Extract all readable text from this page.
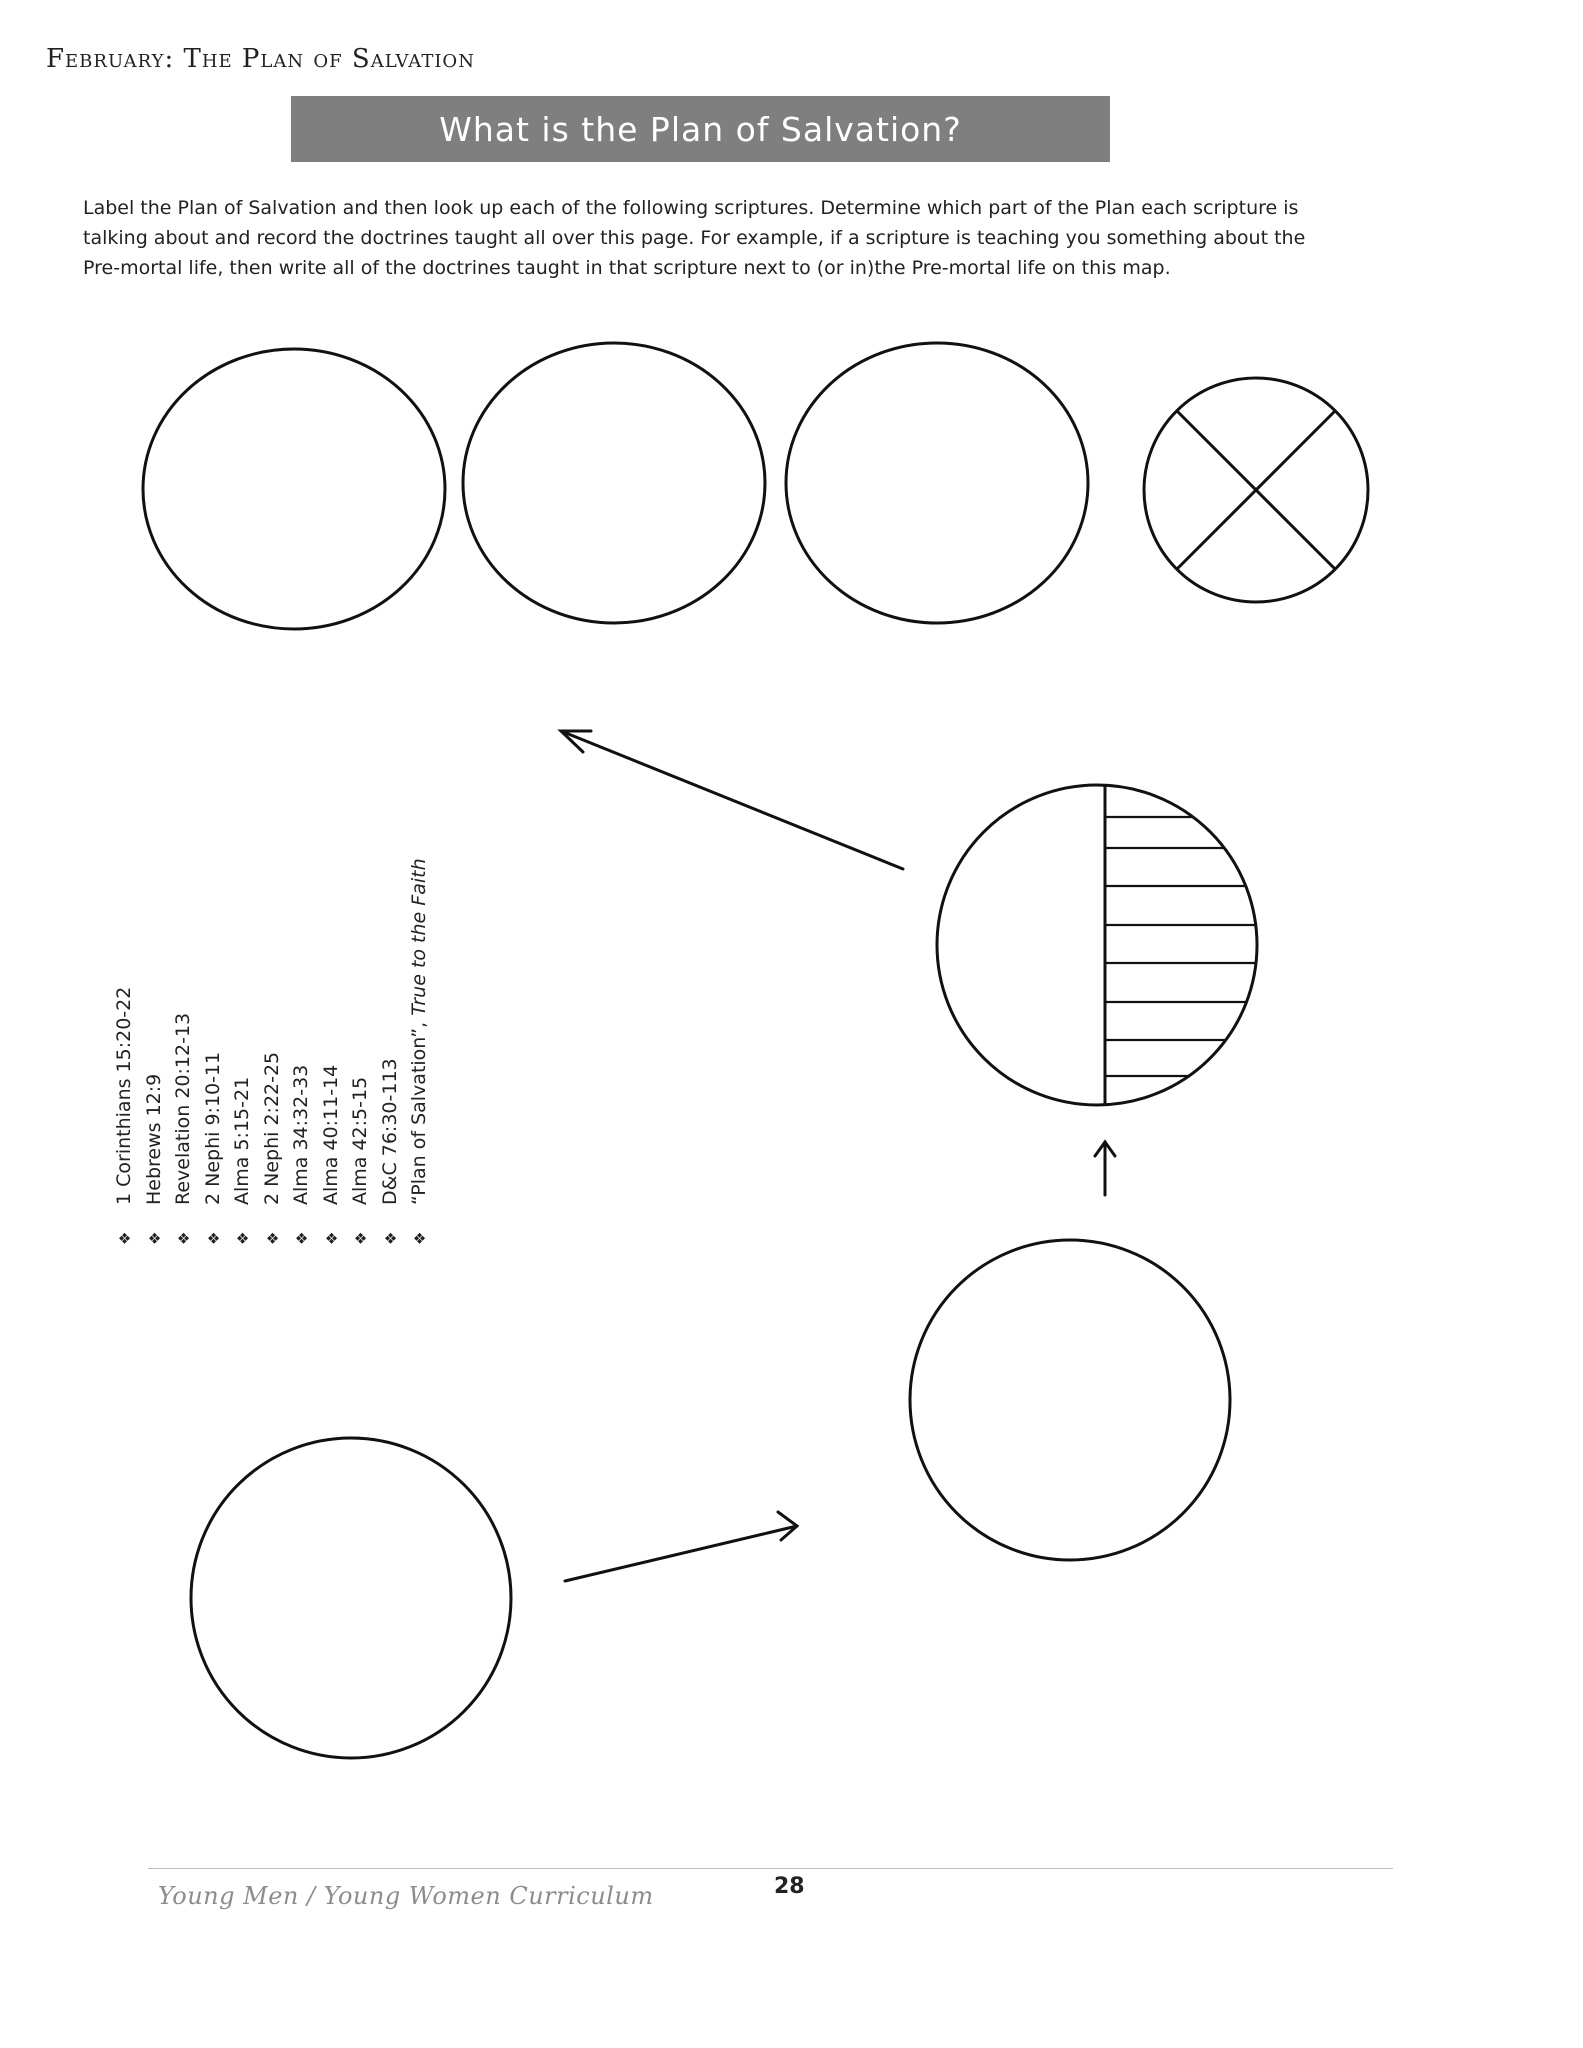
February: The Plan of Salvation
What is the Plan of Salvation?

Label the Plan of Salvation and then look up each of the following scriptures. Determine which part of the Plan each scripture is

talking about and record the doctrines taught all over this page. For example, if a scripture is teaching you something about the

Pre-mortal life, then write all of the doctrines taught in that scripture next to (or in)the Pre-mortal life on this map.

❖1 Corinthians 15:20-22
❖Hebrews 12:9
❖Revelation 20:12-13
❖2 Nephi 9:10-11
❖Alma 5:15-21
❖2 Nephi 2:22-25
❖Alma 34:32-33
❖Alma 40:11-14
❖Alma 42:5-15
❖D&C 76:30-113
❖“Plan of Salvation”, True to the Faith
Young Men / Young Women Curriculum	28
